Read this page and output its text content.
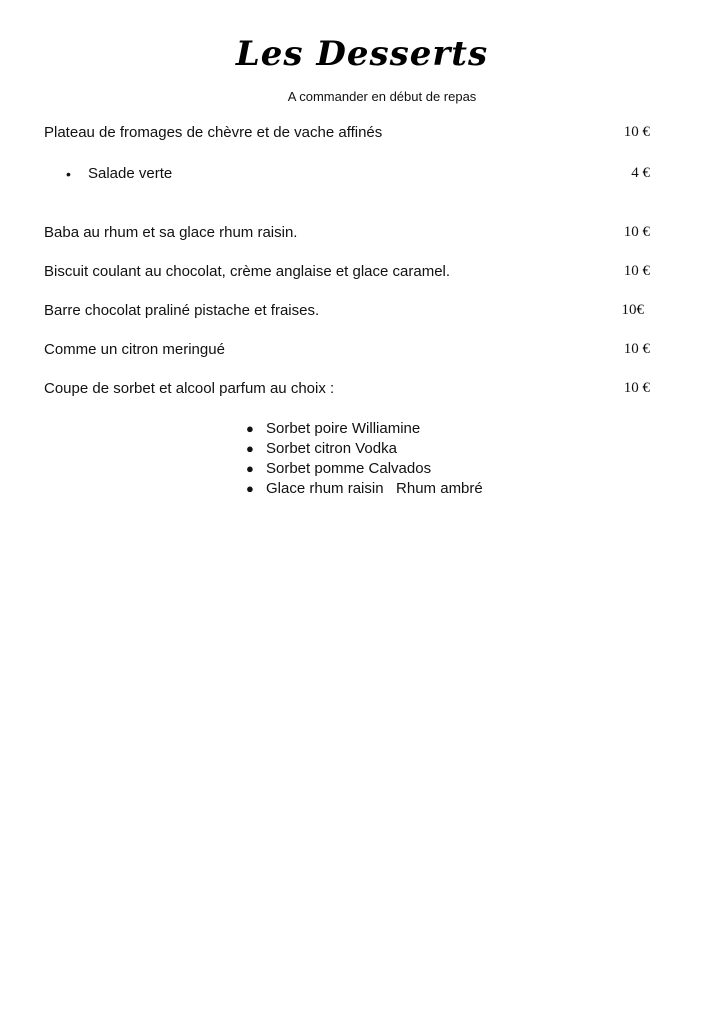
Les Desserts
A commander en début de repas
Plateau de fromages de chèvre et de vache affinés	10 €
• Salade verte	4 €
Baba au rhum et sa glace rhum raisin.	10 €
Biscuit coulant au chocolat, crème anglaise et glace caramel.	10 €
Barre chocolat praliné pistache et fraises.	10€
Comme un citron meringué	10 €
Coupe de sorbet et alcool parfum au choix :	10 €
● Sorbet poire Williamine
● Sorbet citron Vodka
● Sorbet pomme Calvados
● Glace rhum raisin   Rhum ambré
